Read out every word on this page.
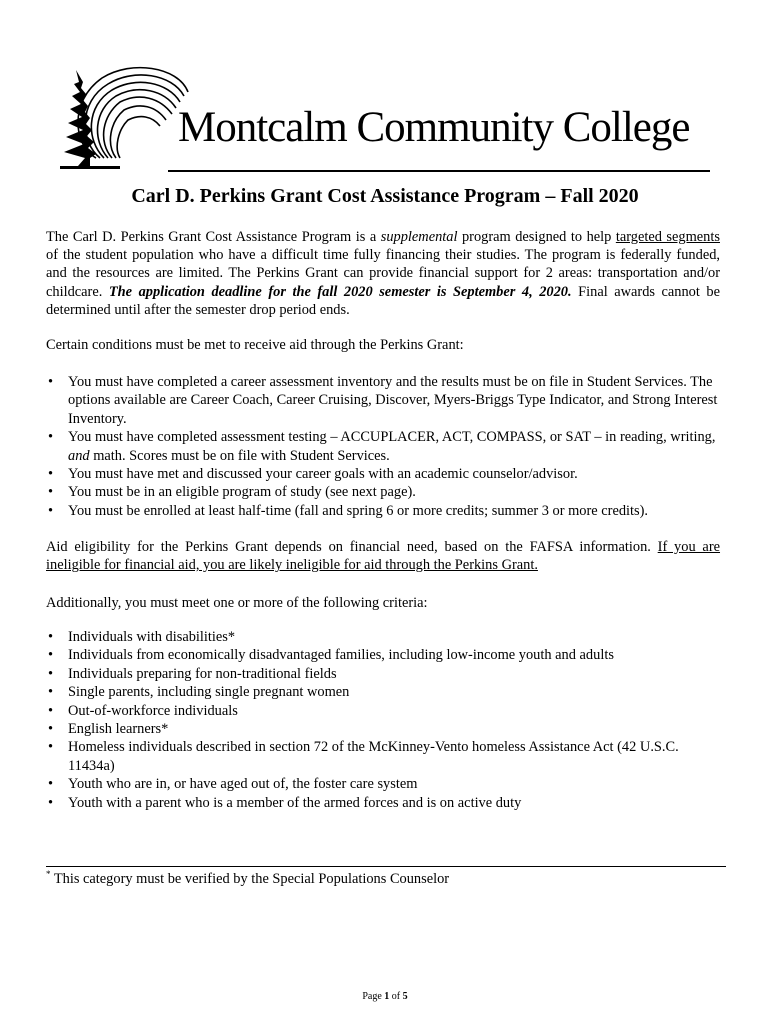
Montcalm Community College
Carl D. Perkins Grant Cost Assistance Program – Fall 2020

The Carl D. Perkins Grant Cost Assistance Program is a supplemental program designed to help targeted segments of the student population who have a difficult time fully financing their studies. The program is federally funded, and the resources are limited. The Perkins Grant can provide financial support for 2 areas: transportation and/or childcare. The application deadline for the fall 2020 semester is September 4, 2020. Final awards cannot be determined until after the semester drop period ends.

Certain conditions must be met to receive aid through the Perkins Grant:

• You must have completed a career assessment inventory and the results must be on file in Student Services. The options available are Career Coach, Career Cruising, Discover, Myers-Briggs Type Indicator, and Strong Interest Inventory.
• You must have completed assessment testing – ACCUPLACER, ACT, COMPASS, or SAT – in reading, writing, and math. Scores must be on file with Student Services.
• You must have met and discussed your career goals with an academic counselor/advisor.
• You must be in an eligible program of study (see next page).
• You must be enrolled at least half-time (fall and spring 6 or more credits; summer 3 or more credits).

Aid eligibility for the Perkins Grant depends on financial need, based on the FAFSA information. If you are ineligible for financial aid, you are likely ineligible for aid through the Perkins Grant.

Additionally, you must meet one or more of the following criteria:

• Individuals with disabilities*
• Individuals from economically disadvantaged families, including low-income youth and adults
• Individuals preparing for non-traditional fields
• Single parents, including single pregnant women
• Out-of-workforce individuals
• English learners*
• Homeless individuals described in section 72 of the McKinney-Vento homeless Assistance Act (42 U.S.C. 11434a)
• Youth who are in, or have aged out of, the foster care system
• Youth with a parent who is a member of the armed forces and is on active duty
* This category must be verified by the Special Populations Counselor
Page 1 of 5
